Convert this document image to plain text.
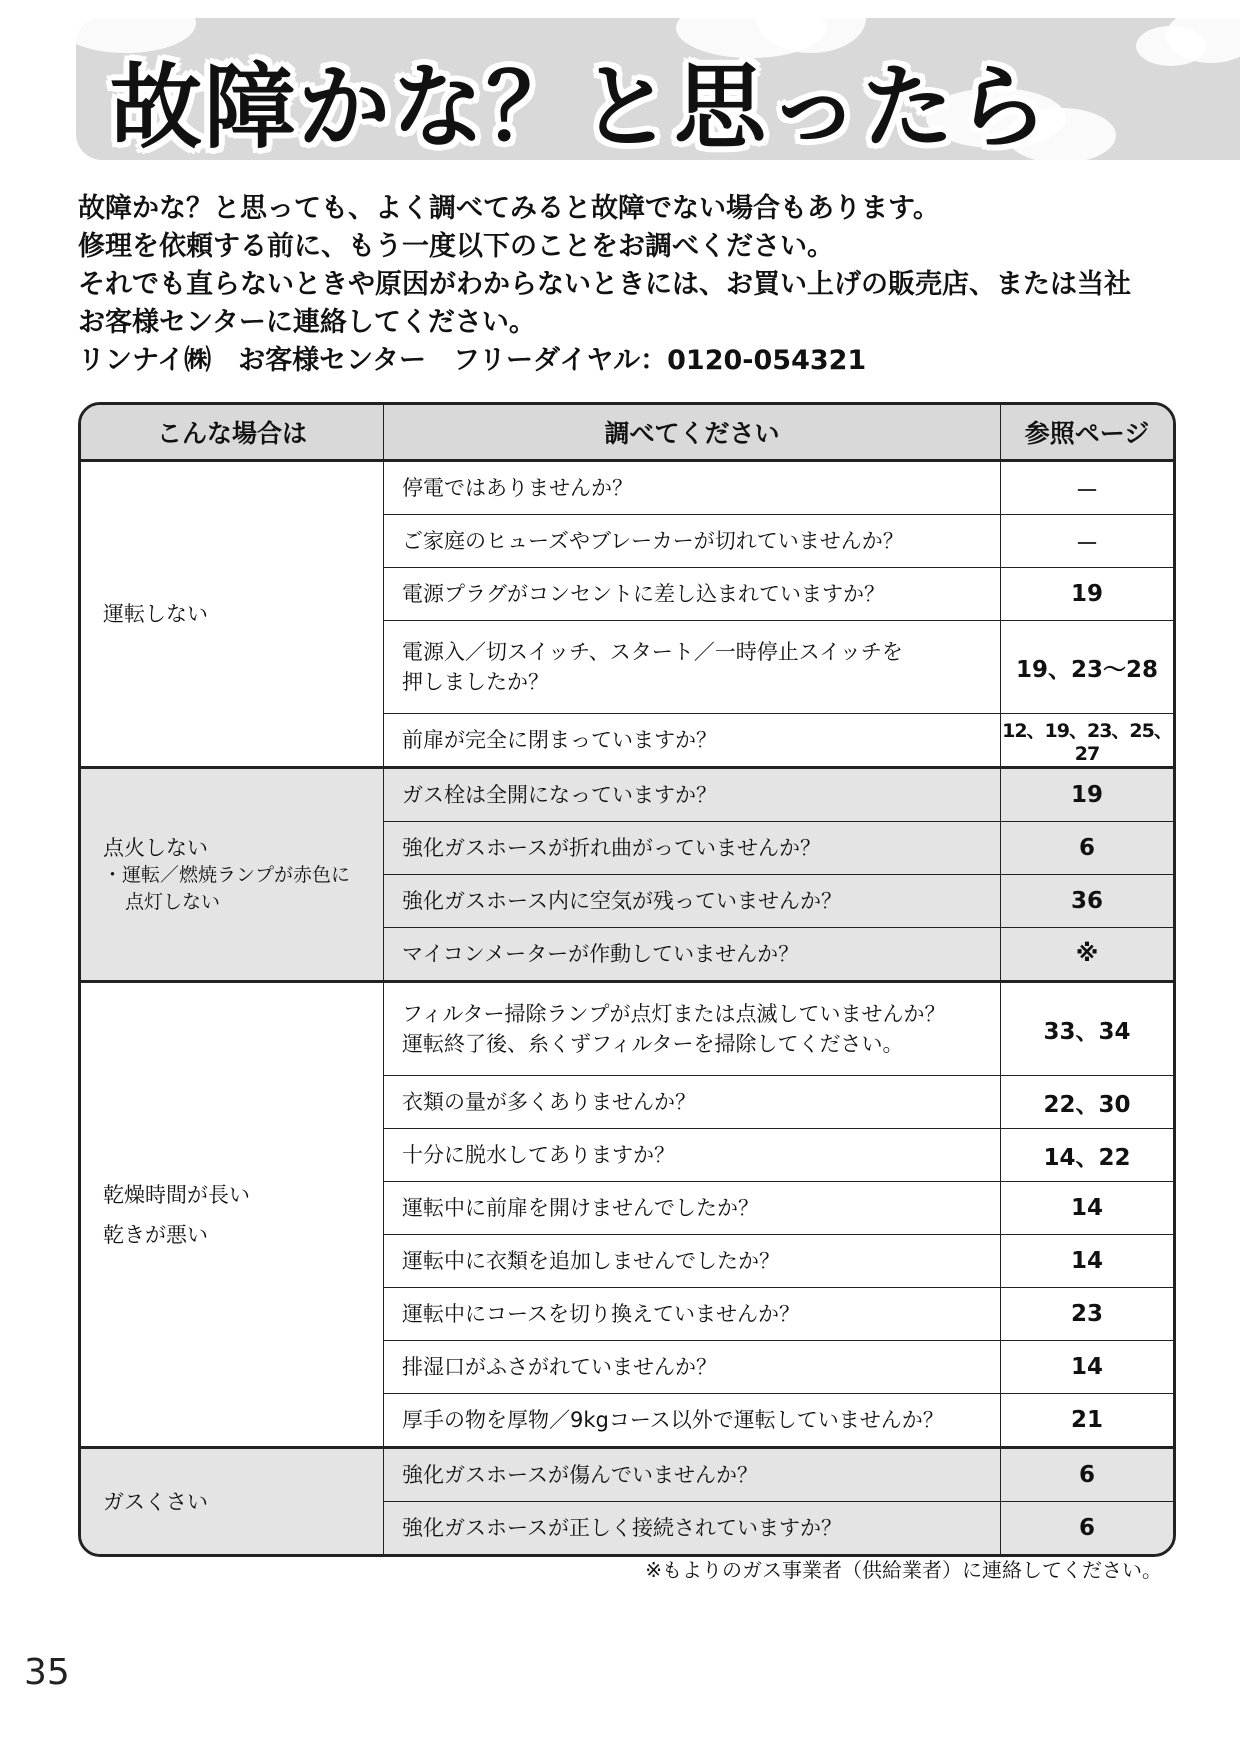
故障かな？と思ったら

故障かな？と思っても、よく調べてみると故障でない場合もあります。

修理を依頼する前に、もう一度以下のことをお調べください。

それでも直らないときや原因がわからないときには、お買い上げの販売店、または当社

お客様センターに連絡してください。

リンナイ㈱　お客様センター　フリーダイヤル：0120-054321

こんな場合は	調べてください	参照ページ
運転しない	停電ではありませんか？	－
	ご家庭のヒューズやブレーカーが切れていませんか？	－
	電源プラグがコンセントに差し込まれていますか？	19
	電源入／切スイッチ、スタート／一時停止スイッチを
押しましたか？	19、23～28
	前扉が完全に閉まっていますか？	12、19、23、25、27
点火しない
・運転／燃焼ランプが赤色に
点灯しない	ガス栓は全開になっていますか？	19
	強化ガスホースが折れ曲がっていませんか？	6
	強化ガスホース内に空気が残っていませんか？	36
	マイコンメーターが作動していませんか？	※
乾燥時間が長い
乾きが悪い	フィルター掃除ランプが点灯または点滅していませんか？
運転終了後、糸くずフィルターを掃除してください。	33、34
	衣類の量が多くありませんか？	22、30
	十分に脱水してありますか？	14、22
	運転中に前扉を開けませんでしたか？	14
	運転中に衣類を追加しませんでしたか？	14
	運転中にコースを切り換えていませんか？	23
	排湿口がふさがれていませんか？	14
	厚手の物を厚物／9kgコース以外で運転していませんか？	21
ガスくさい	強化ガスホースが傷んでいませんか？	6
	強化ガスホースが正しく接続されていますか？	6
※もよりのガス事業者（供給業者）に連絡してください。
35
